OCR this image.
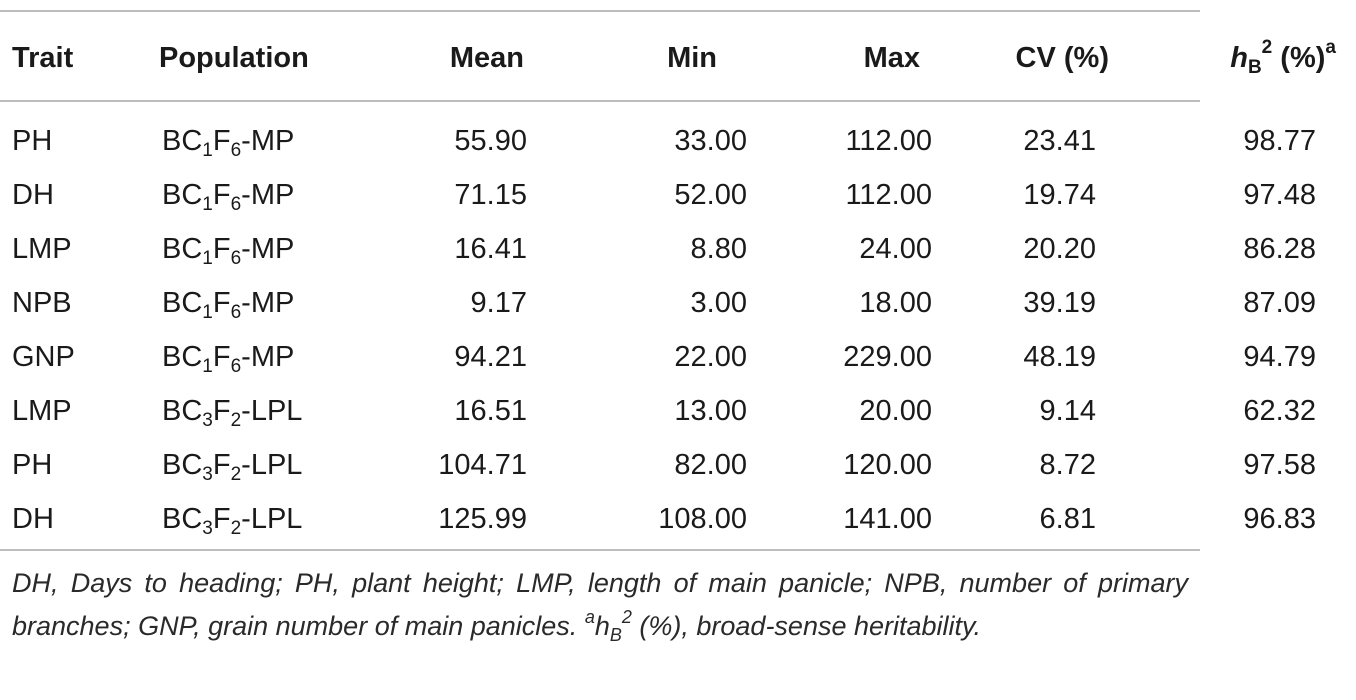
Trait	Population	Mean	Min	Max	CV (%)	$h_B^2$ (%)$^a$
PH	$BC_1F_6-MP$	55.90	33.00	112.00	23.41	98.77
DH	$BC_1F_6-MP$	71.15	52.00	112.00	19.74	97.48
LMP	$BC_1F_6-MP$	16.41	8.80	24.00	20.20	86.28
NPB	$BC_1F_6-MP$	9.17	3.00	18.00	39.19	87.09
GNP	$BC_1F_6-MP$	94.21	22.00	229.00	48.19	94.79
LMP	$BC_3F_2$-LPL	16.51	13.00	20.00	9.14	62.32
PH	$BC_3F_2$-LPL	104.71	82.00	120.00	8.72	97.58
DH	$BC_3F_2$-LPL	125.99	108.00	141.00	6.81	96.83
DH, Days to heading; PH, plant height; LMP, length of main panicle; NPB, number of primary branches; GNP, grain number of main panicles. $^ah_B^2$ (%), broad-sense heritability.
